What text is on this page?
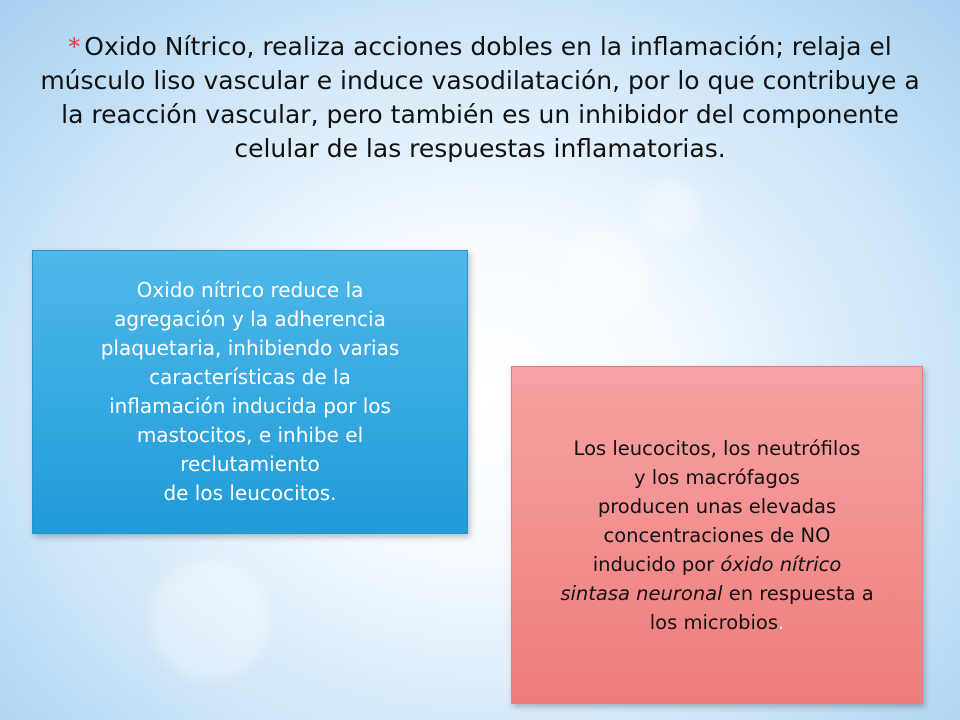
* Oxido Nítrico, realiza acciones dobles en la inflamación; relaja el músculo liso vascular e induce vasodilatación, por lo que contribuye a la reacción vascular, pero también es un inhibidor del componente celular de las respuestas inflamatorias.
Oxido nítrico reduce la
agregación y la adherencia
plaquetaria, inhibiendo varias
características de la
inflamación inducida por los
mastocitos, e inhibe el
reclutamiento
de los leucocitos.
Los leucocitos, los neutrófilos
y los macrófagos
producen unas elevadas
concentraciones de NO
inducido por óxido nítrico
sintasa neuronal en respuesta a
los microbios.
